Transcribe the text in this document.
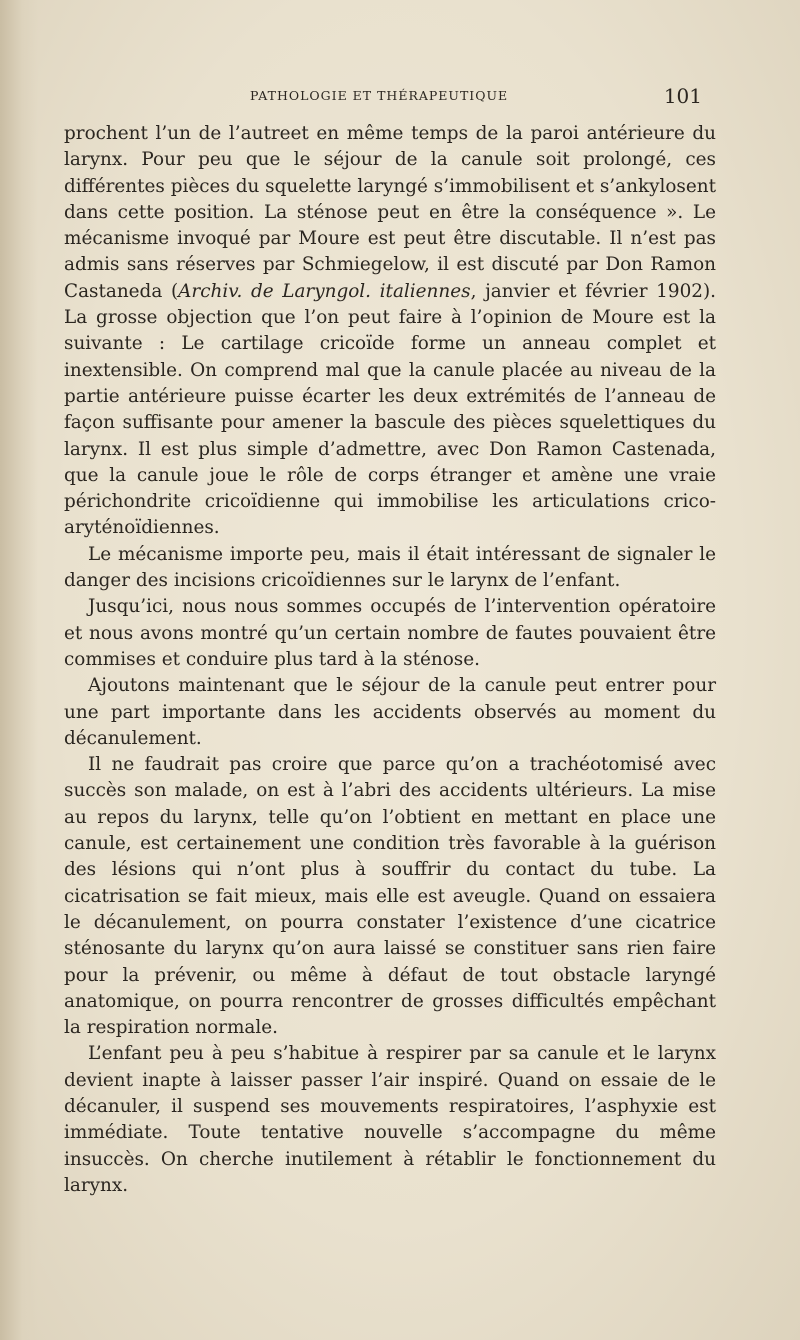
PATHOLOGIE ET THÉRAPEUTIQUE	101

prochent l’un de l’autreet en même temps de la paroi antérieure du larynx. Pour peu que le séjour de la canule soit prolongé, ces différentes pièces du squelette laryngé s’immobilisent et s’ankylosent dans cette position. La sténose peut en être la conséquence ». Le mécanisme invoqué par Moure est peut être discutable. Il n’est pas admis sans réserves par Schmiegelow, il est discuté par Don Ramon Castaneda (Archiv. de Laryngol. italiennes, janvier et février 1902). La grosse objection que l’on peut faire à l’opinion de Moure est la suivante : Le cartilage cricoïde forme un anneau complet et inextensible. On comprend mal que la canule placée au niveau de la partie antérieure puisse écarter les deux extrémités de l’anneau de façon suffisante pour amener la bascule des pièces squelettiques du larynx. Il est plus simple d’admettre, avec Don Ramon Castenada, que la canule joue le rôle de corps étranger et amène une vraie périchondrite cricoïdienne qui immobilise les articulations crico-aryténoïdiennes.

Le mécanisme importe peu, mais il était intéressant de signaler le danger des incisions cricoïdiennes sur le larynx de l’enfant.

Jusqu’ici, nous nous sommes occupés de l’intervention opératoire et nous avons montré qu’un certain nombre de fautes pouvaient être commises et conduire plus tard à la sténose.

Ajoutons maintenant que le séjour de la canule peut entrer pour une part importante dans les accidents observés au moment du décanulement.

Il ne faudrait pas croire que parce qu’on a trachéotomisé avec succès son malade, on est à l’abri des accidents ultérieurs. La mise au repos du larynx, telle qu’on l’obtient en mettant en place une canule, est certainement une condition très favorable à la guérison des lésions qui n’ont plus à souffrir du contact du tube. La cicatrisation se fait mieux, mais elle est aveugle. Quand on essaiera le décanulement, on pourra constater l’existence d’une cicatrice sténosante du larynx qu’on aura laissé se constituer sans rien faire pour la prévenir, ou même à défaut de tout obstacle laryngé anatomique, on pourra rencontrer de grosses difficultés empêchant la respiration normale.

L’enfant peu à peu s’habitue à respirer par sa canule et le larynx devient inapte à laisser passer l’air inspiré. Quand on essaie de le décanuler, il suspend ses mouvements respiratoires, l’asphyxie est immédiate. Toute tentative nouvelle s’accompagne du même insuccès. On cherche inutilement à rétablir le fonctionnement du larynx.
